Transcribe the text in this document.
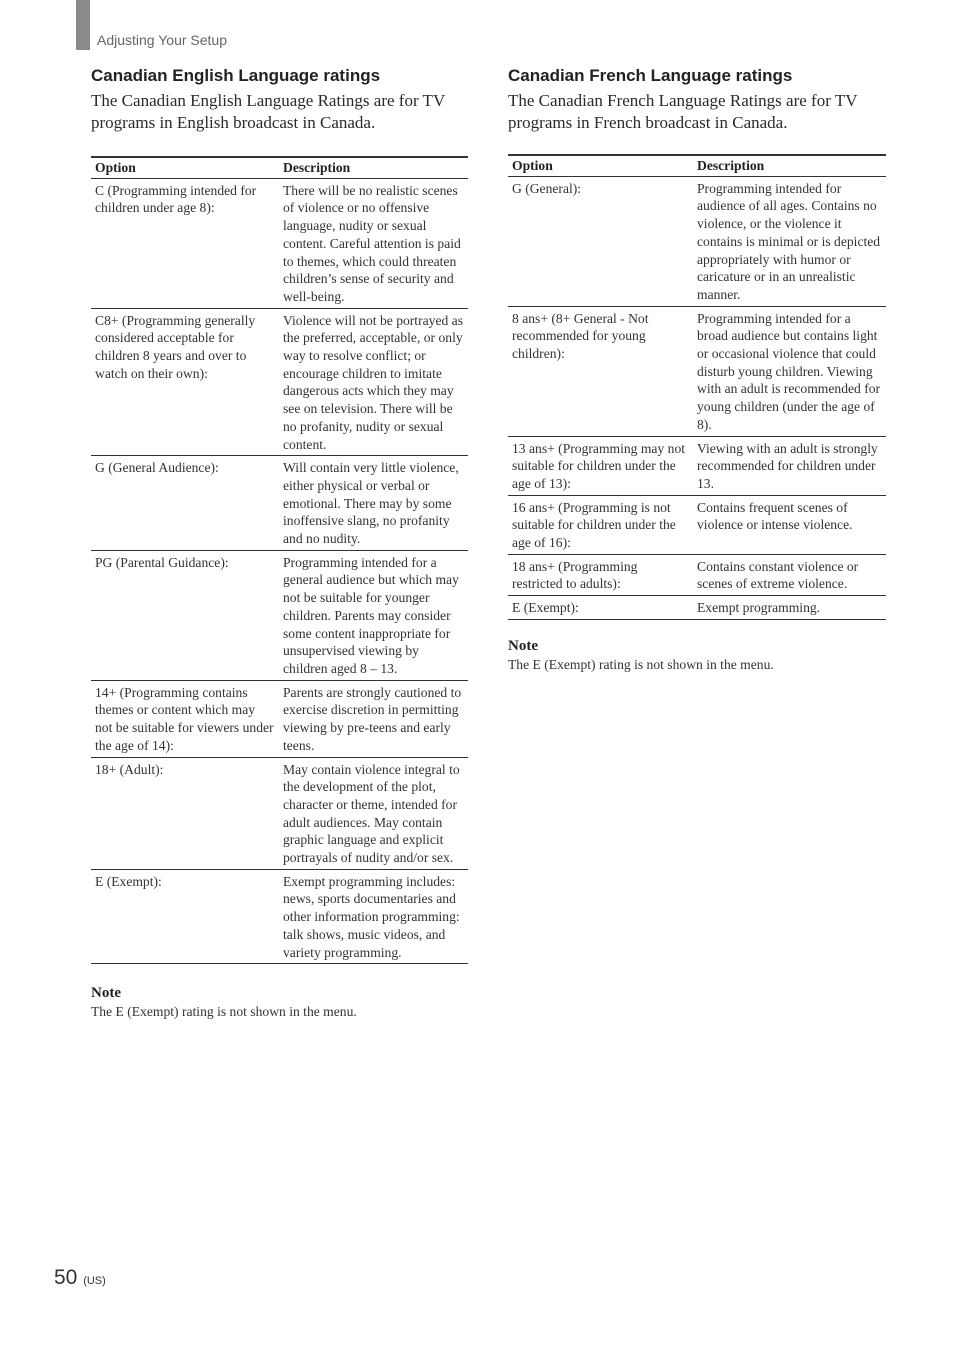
Adjusting Your Setup
Canadian English Language ratings

The Canadian English Language Ratings are for TV programs in English broadcast in Canada.

Option	Description
C (Programming intended for children under age 8):	There will be no realistic scenes of violence or no offensive language, nudity or sexual content. Careful attention is paid to themes, which could threaten children’s sense of security and well-being.
C8+ (Programming generally considered acceptable for children 8 years and over to watch on their own):	Violence will not be portrayed as the preferred, acceptable, or only way to resolve conflict; or encourage children to imitate dangerous acts which they may see on television. There will be no profanity, nudity or sexual content.
G (General Audience):	Will contain very little violence, either physical or verbal or emotional. There may by some inoffensive slang, no profanity and no nudity.
PG (Parental Guidance):	Programming intended for a general audience but which may not be suitable for younger children. Parents may consider some content inappropriate for unsupervised viewing by children aged 8 – 13.
14+ (Programming contains themes or content which may not be suitable for viewers under the age of 14):	Parents are strongly cautioned to exercise discretion in permitting viewing by pre-teens and early teens.
18+ (Adult):	May contain violence integral to the development of the plot, character or theme, intended for adult audiences. May contain graphic language and explicit portrayals of nudity and/or sex.
E (Exempt):	Exempt programming includes: news, sports documentaries and other information programming: talk shows, music videos, and variety programming.

Note

The E (Exempt) rating is not shown in the menu.

Canadian French Language ratings

The Canadian French Language Ratings are for TV programs in French broadcast in Canada.

Option	Description
G (General):	Programming intended for audience of all ages. Contains no violence, or the violence it contains is minimal or is depicted appropriately with humor or caricature or in an unrealistic manner.
8 ans+ (8+ General - Not recommended for young children):	Programming intended for a broad audience but contains light or occasional violence that could disturb young children. Viewing with an adult is recommended for young children (under the age of 8).
13 ans+ (Programming may not suitable for children under the age of 13):	Viewing with an adult is strongly recommended for children under 13.
16 ans+ (Programming is not suitable for children under the age of 16):	Contains frequent scenes of violence or intense violence.
18 ans+ (Programming restricted to adults):	Contains constant violence or scenes of extreme violence.
E (Exempt):	Exempt programming.

Note

The E (Exempt) rating is not shown in the menu.

50 (US)
